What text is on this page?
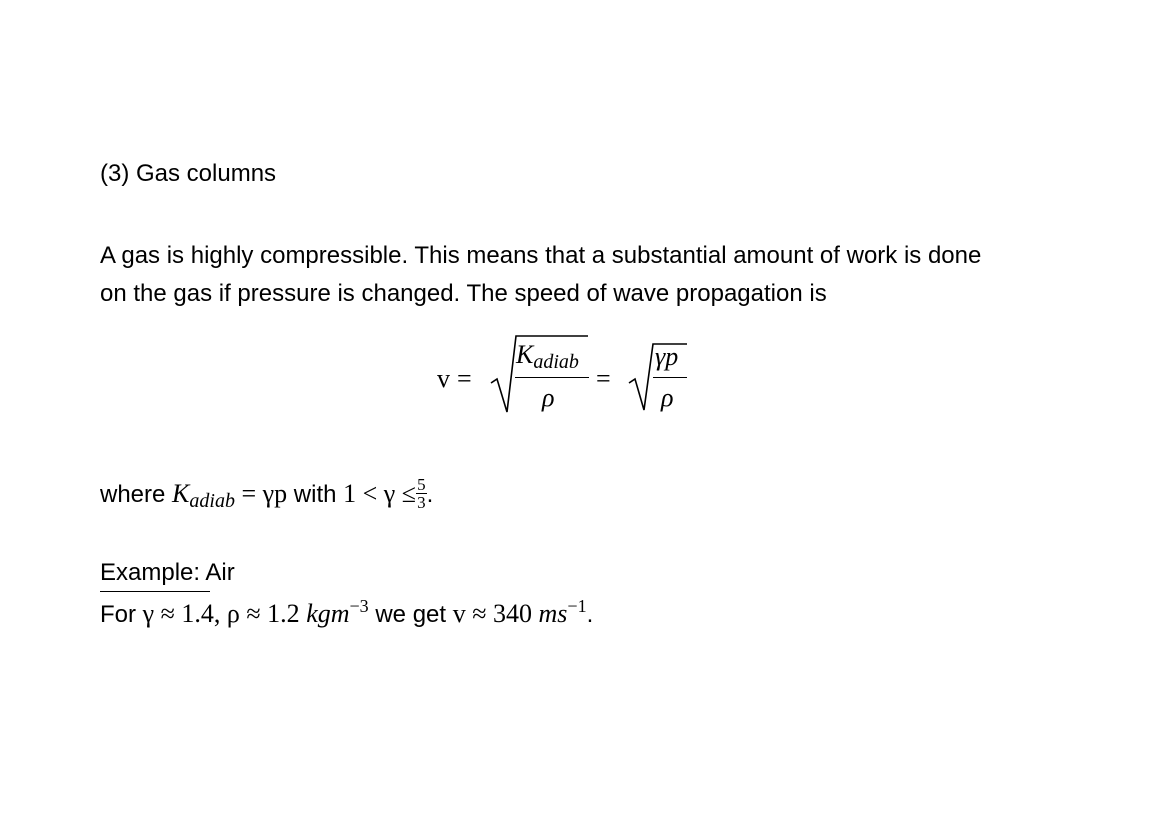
(3) Gas columns
A gas is highly compressible. This means that a substantial amount of work is done
on the gas if pressure is changed. The speed of wave propagation is
v =
$K_{adiab}$
ρ
=
γp
ρ
where $K_{adiab} = \gamma p$ with $1 < \gamma \le \frac{5}{3}$ .
Example: Air
For γ ≈ 1.4, ρ ≈ 1.2 kgm$^{-3}$ we get v ≈ 340 $ms^{-1}$.
